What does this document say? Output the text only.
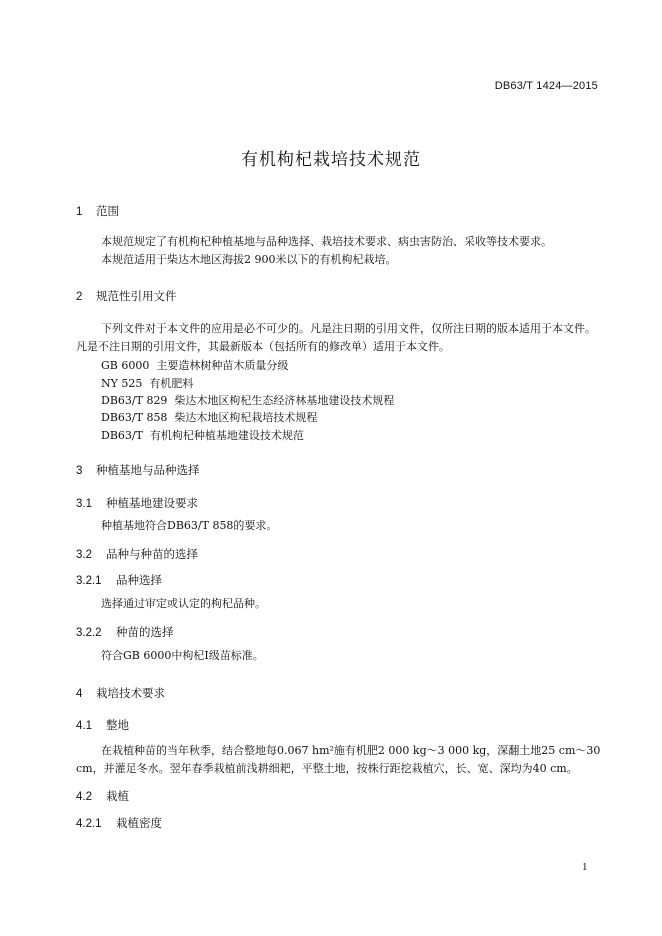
DB63/T 1424—2015
有机枸杞栽培技术规范
1 范围
本规范规定了有机枸杞种植基地与品种选择、栽培技术要求、病虫害防治、采收等技术要求。
本规范适用于柴达木地区海拔2 900米以下的有机枸杞栽培。
2 规范性引用文件
下列文件对于本文件的应用是必不可少的。凡是注日期的引用文件，仅所注日期的版本适用于本文件。凡是不注日期的引用文件，其最新版本（包括所有的修改单）适用于本文件。
GB 6000  主要造林树种苗木质量分级
NY 525  有机肥料
DB63/T 829  柴达木地区枸杞生态经济林基地建设技术规程
DB63/T 858  柴达木地区枸杞栽培技术规程
DB63/T  有机枸杞种植基地建设技术规范
3 种植基地与品种选择
3.1 种植基地建设要求
种植基地符合DB63/T 858的要求。
3.2 品种与种苗的选择
3.2.1 品种选择
选择通过审定或认定的枸杞品种。
3.2.2 种苗的选择
符合GB 6000中枸杞Ⅰ级苗标准。
4 栽培技术要求
4.1 整地
在栽植种苗的当年秋季，结合整地每0.067 hm²施有机肥2 000 kg～3 000 kg，深翻土地25 cm～30 cm，并灌足冬水。翌年春季栽植前浅耕细耙，平整土地，按株行距挖栽植穴，长、宽、深均为40 cm。
4.2 栽植
4.2.1 栽植密度
1
